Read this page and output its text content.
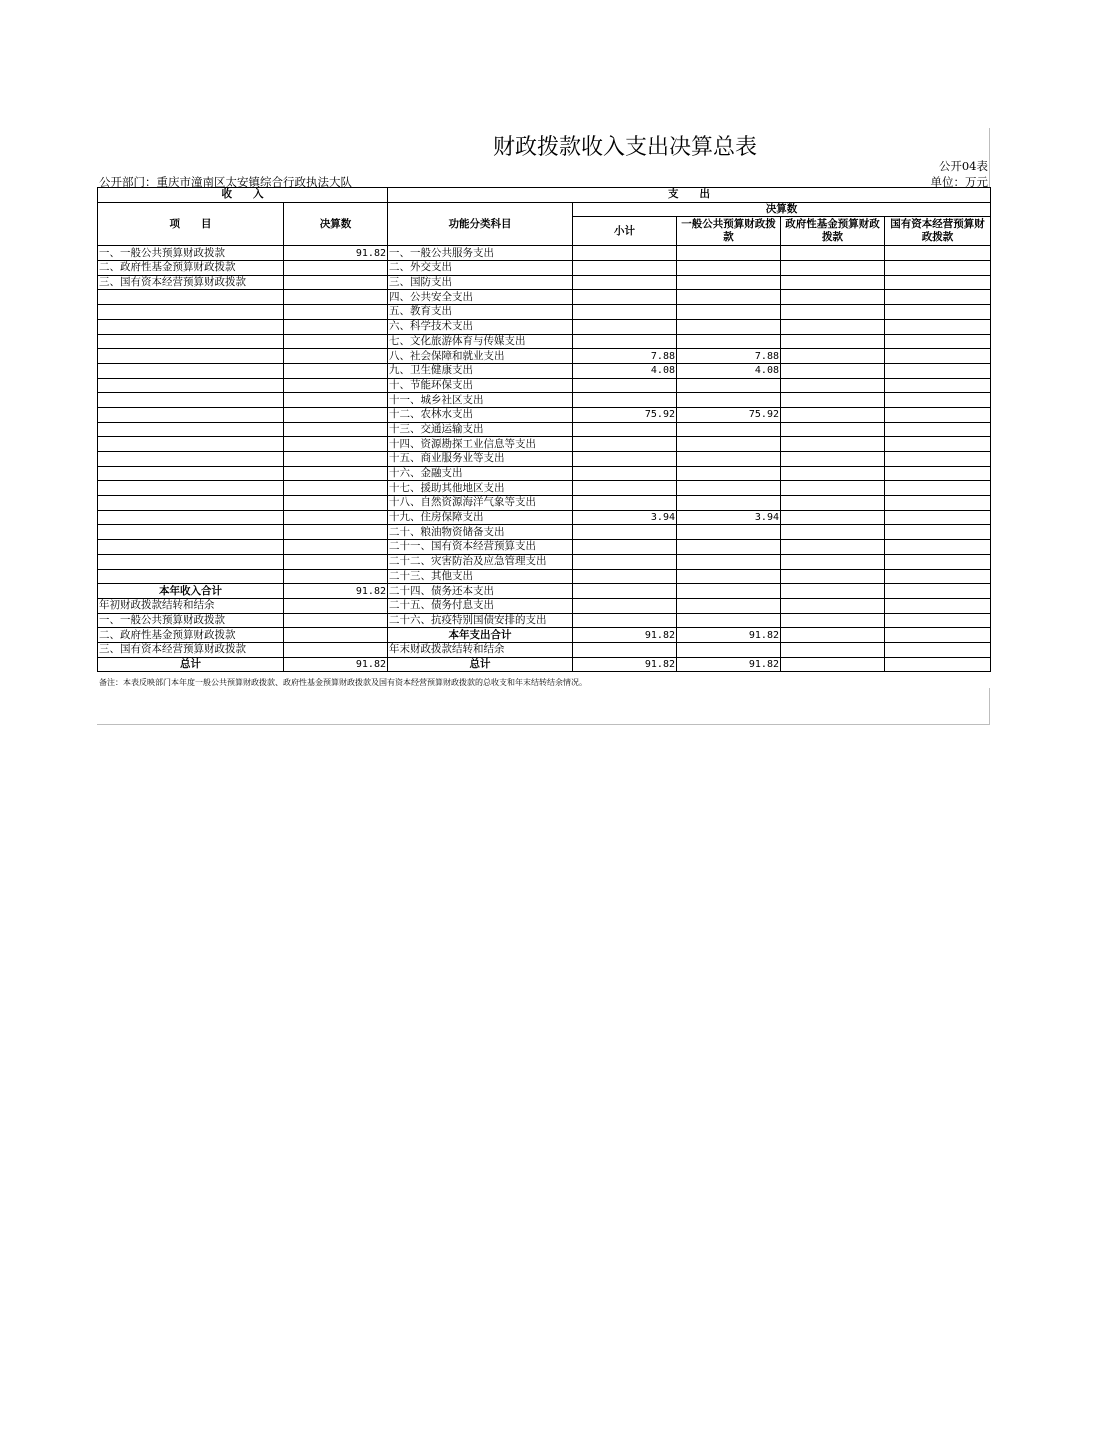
财政拨款收入支出决算总表
公开04表
公开部门：重庆市潼南区太安镇综合行政执法大队	单位：万元
收　　入		支　　出				
项　　目	决算数	功能分类科目	决算数			
			小计	一般公共预算财政拨款	政府性基金预算财政拨款	国有资本经营预算财政拨款
一、一般公共预算财政拨款	91.82	一、一般公共服务支出				
二、政府性基金预算财政拨款		二、外交支出				
三、国有资本经营预算财政拨款		三、国防支出				
		四、公共安全支出				
		五、教育支出				
		六、科学技术支出				
		七、文化旅游体育与传媒支出				
		八、社会保障和就业支出	7.88	7.88		
		九、卫生健康支出	4.08	4.08		
		十、节能环保支出				
		十一、城乡社区支出				
		十二、农林水支出	75.92	75.92		
		十三、交通运输支出				
		十四、资源勘探工业信息等支出				
		十五、商业服务业等支出				
		十六、金融支出				
		十七、援助其他地区支出				
		十八、自然资源海洋气象等支出				
		十九、住房保障支出	3.94	3.94		
		二十、粮油物资储备支出				
		二十一、国有资本经营预算支出				
		二十二、灾害防治及应急管理支出				
		二十三、其他支出				
本年收入合计	91.82	二十四、债务还本支出				
年初财政拨款结转和结余		二十五、债务付息支出				
一、一般公共预算财政拨款		二十六、抗疫特别国债安排的支出				
二、政府性基金预算财政拨款		本年支出合计	91.82	91.82		
三、国有资本经营预算财政拨款		年末财政拨款结转和结余				
总计	91.82	总计	91.82	91.82		
备注：本表反映部门本年度一般公共预算财政拨款、政府性基金预算财政拨款及国有资本经营预算财政拨款的总收支和年末结转结余情况。
